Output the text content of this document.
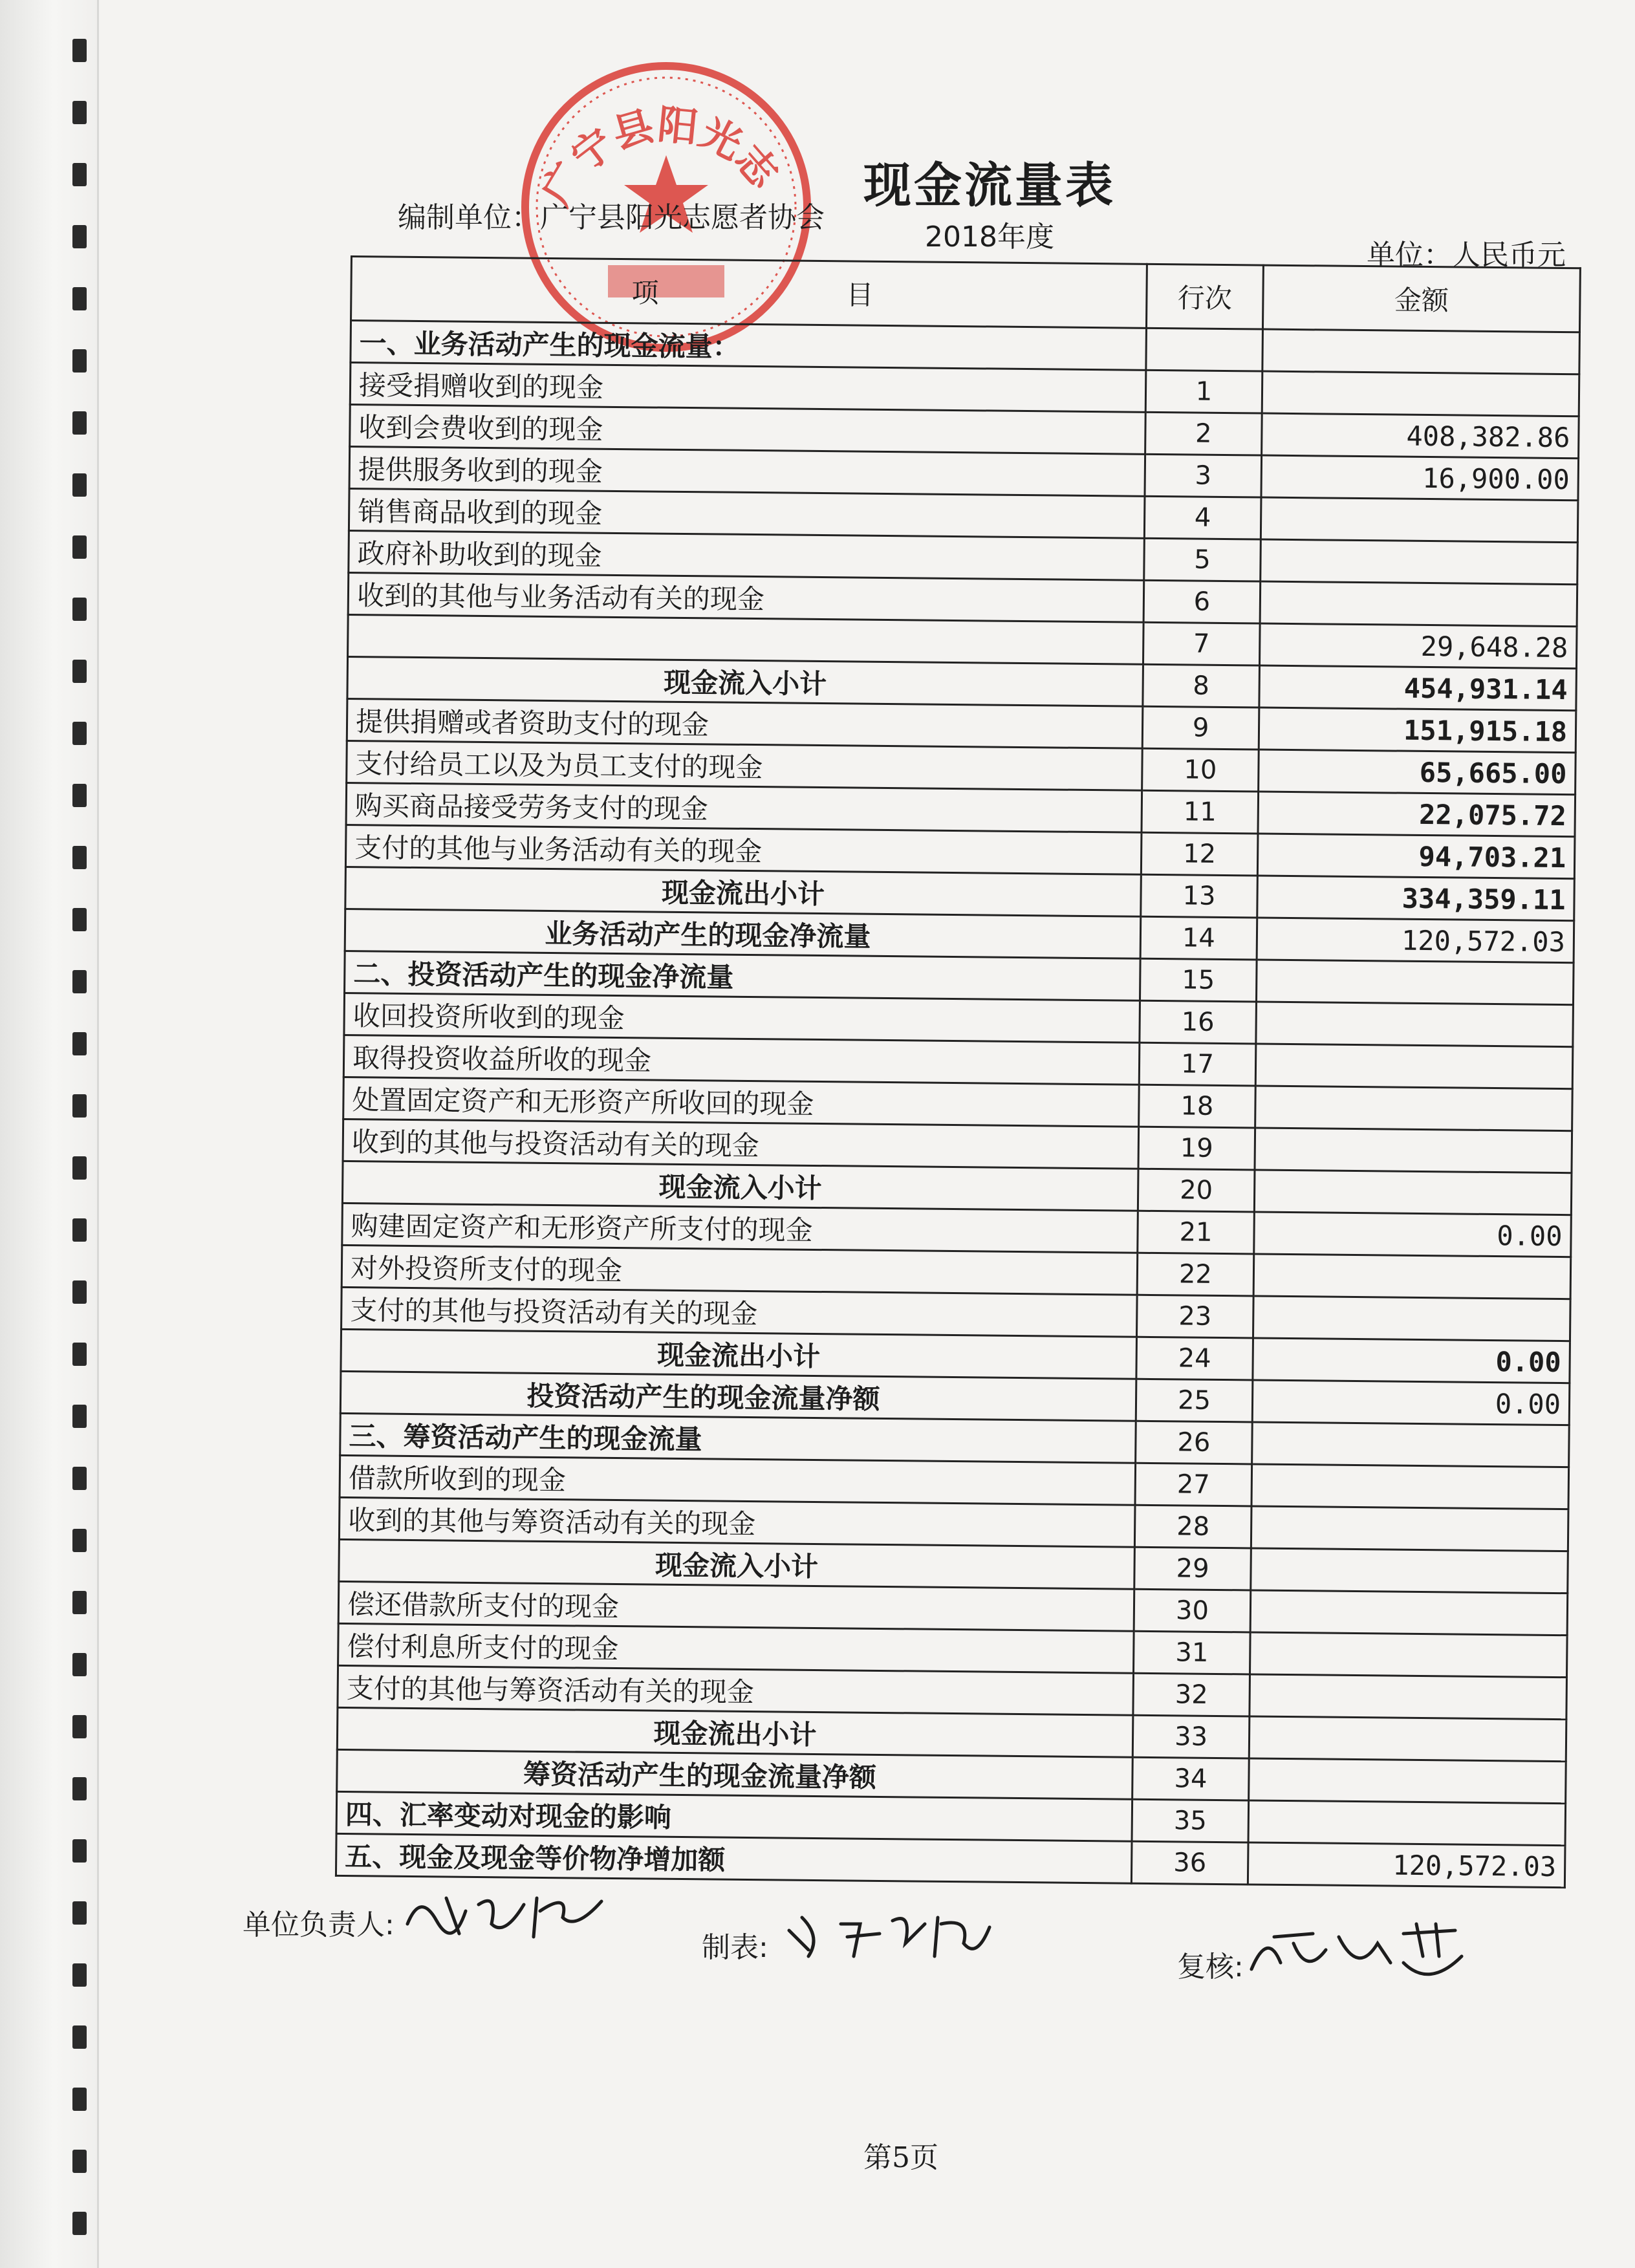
广宁县阳光志 现金流量表
编制单位：广宁县阳光志愿者协会
2018年度
单位：人民币元
项 目	行次	金额
一、业务活动产生的现金流量：		
接受捐赠收到的现金	1	
收到会费收到的现金	2	408,382.86
提供服务收到的现金	3	16,900.00
销售商品收到的现金	4	
政府补助收到的现金	5	
收到的其他与业务活动有关的现金	6	
	7	29,648.28
现金流入小计	8	454,931.14
提供捐赠或者资助支付的现金	9	151,915.18
支付给员工以及为员工支付的现金	10	65,665.00
购买商品接受劳务支付的现金	11	22,075.72
支付的其他与业务活动有关的现金	12	94,703.21
现金流出小计	13	334,359.11
业务活动产生的现金净流量	14	120,572.03
二、投资活动产生的现金净流量	15	
收回投资所收到的现金	16	
取得投资收益所收的现金	17	
处置固定资产和无形资产所收回的现金	18	
收到的其他与投资活动有关的现金	19	
现金流入小计	20	
购建固定资产和无形资产所支付的现金	21	0.00
对外投资所支付的现金	22	
支付的其他与投资活动有关的现金	23	
现金流出小计	24	0.00
投资活动产生的现金流量净额	25	0.00
三、筹资活动产生的现金流量	26	
借款所收到的现金	27	
收到的其他与筹资活动有关的现金	28	
现金流入小计	29	
偿还借款所支付的现金	30	
偿付利息所支付的现金	31	
支付的其他与筹资活动有关的现金	32	
现金流出小计	33	
筹资活动产生的现金流量净额	34	
四、汇率变动对现金的影响	35	
五、现金及现金等价物净增加额	36	120,572.03
单位负责人:
制表:
复核:
第5页
